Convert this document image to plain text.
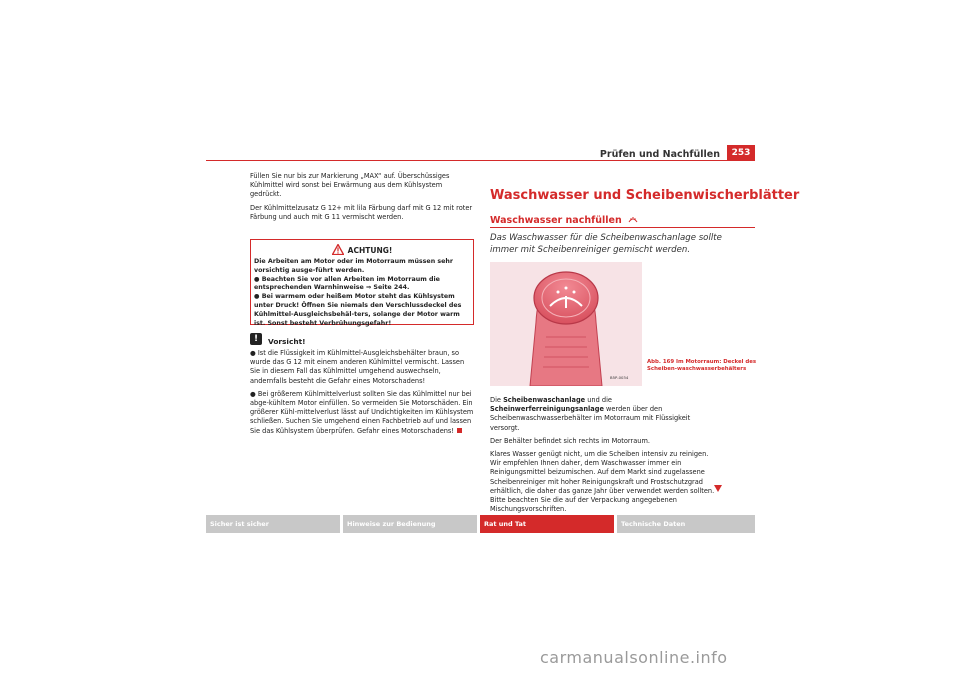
Prüfen und Nachfüllen	253

Füllen Sie nur bis zur Markierung „MAX“ auf. Überschüssiges Kühlmittel wird sonst bei Erwärmung aus dem Kühlsystem gedrückt.

Der Kühlmittelzusatz G 12+ mit lila Färbung darf mit G 12 mit roter Färbung und auch mit G 11 vermischt werden.

ACHTUNG!

Die Arbeiten am Motor oder im Motorraum müssen sehr vorsichtig ausge-führt werden.

● Beachten Sie vor allen Arbeiten im Motorraum die entsprechenden Warnhinweise ⇒ Seite 244.

● Bei warmem oder heißem Motor steht das Kühlsystem unter Druck! Öffnen Sie niemals den Verschlussdeckel des Kühlmittel-Ausgleichsbehäl-ters, solange der Motor warm ist. Sonst besteht Verbrühungsgefahr!

!	Vorsicht!

● Ist die Flüssigkeit im Kühlmittel-Ausgleichsbehälter braun, so wurde das G 12 mit einem anderen Kühlmittel vermischt. Lassen Sie in diesem Fall das Kühlmittel umgehend auswechseln, andernfalls besteht die Gefahr eines Motorschadens!

● Bei größerem Kühlmittelverlust sollten Sie das Kühlmittel nur bei abge-kühltem Motor einfüllen. So vermeiden Sie Motorschäden. Ein größerer Kühl-mittelverlust lässt auf Undichtigkeiten im Kühlsystem schließen. Suchen Sie umgehend einen Fachbetrieb auf und lassen Sie das Kühlsystem überprüfen. Gefahr eines Motorschadens!

Waschwasser und Scheibenwischerblätter
Waschwasser nachfüllen
Das Waschwasser für die Scheibenwaschanlage sollte immer mit Scheibenreiniger gemischt werden.
B5P-0034
Abb. 169 Im Motorraum: Deckel des Scheiben-waschwasserbehälters

Die Scheibenwaschanlage und die Scheinwerferreinigungsanlage werden über den Scheibenwaschwasserbehälter im Motorraum mit Flüssigkeit versorgt.

Der Behälter befindet sich rechts im Motorraum.

Klares Wasser genügt nicht, um die Scheiben intensiv zu reinigen. Wir empfehlen Ihnen daher, dem Waschwasser immer ein Reinigungsmittel beizumischen. Auf dem Markt sind zugelassene Scheibenreiniger mit hoher Reinigungskraft und Frostschutzgrad erhältlich, die daher das ganze Jahr über verwendet werden sollten. Bitte beachten Sie die auf der Verpackung angegebenen Mischungsvorschriften.

Sicher ist sicher	Hinweise zur Bedienung	Rat und Tat	Technische Daten
carmanualsonline.info
